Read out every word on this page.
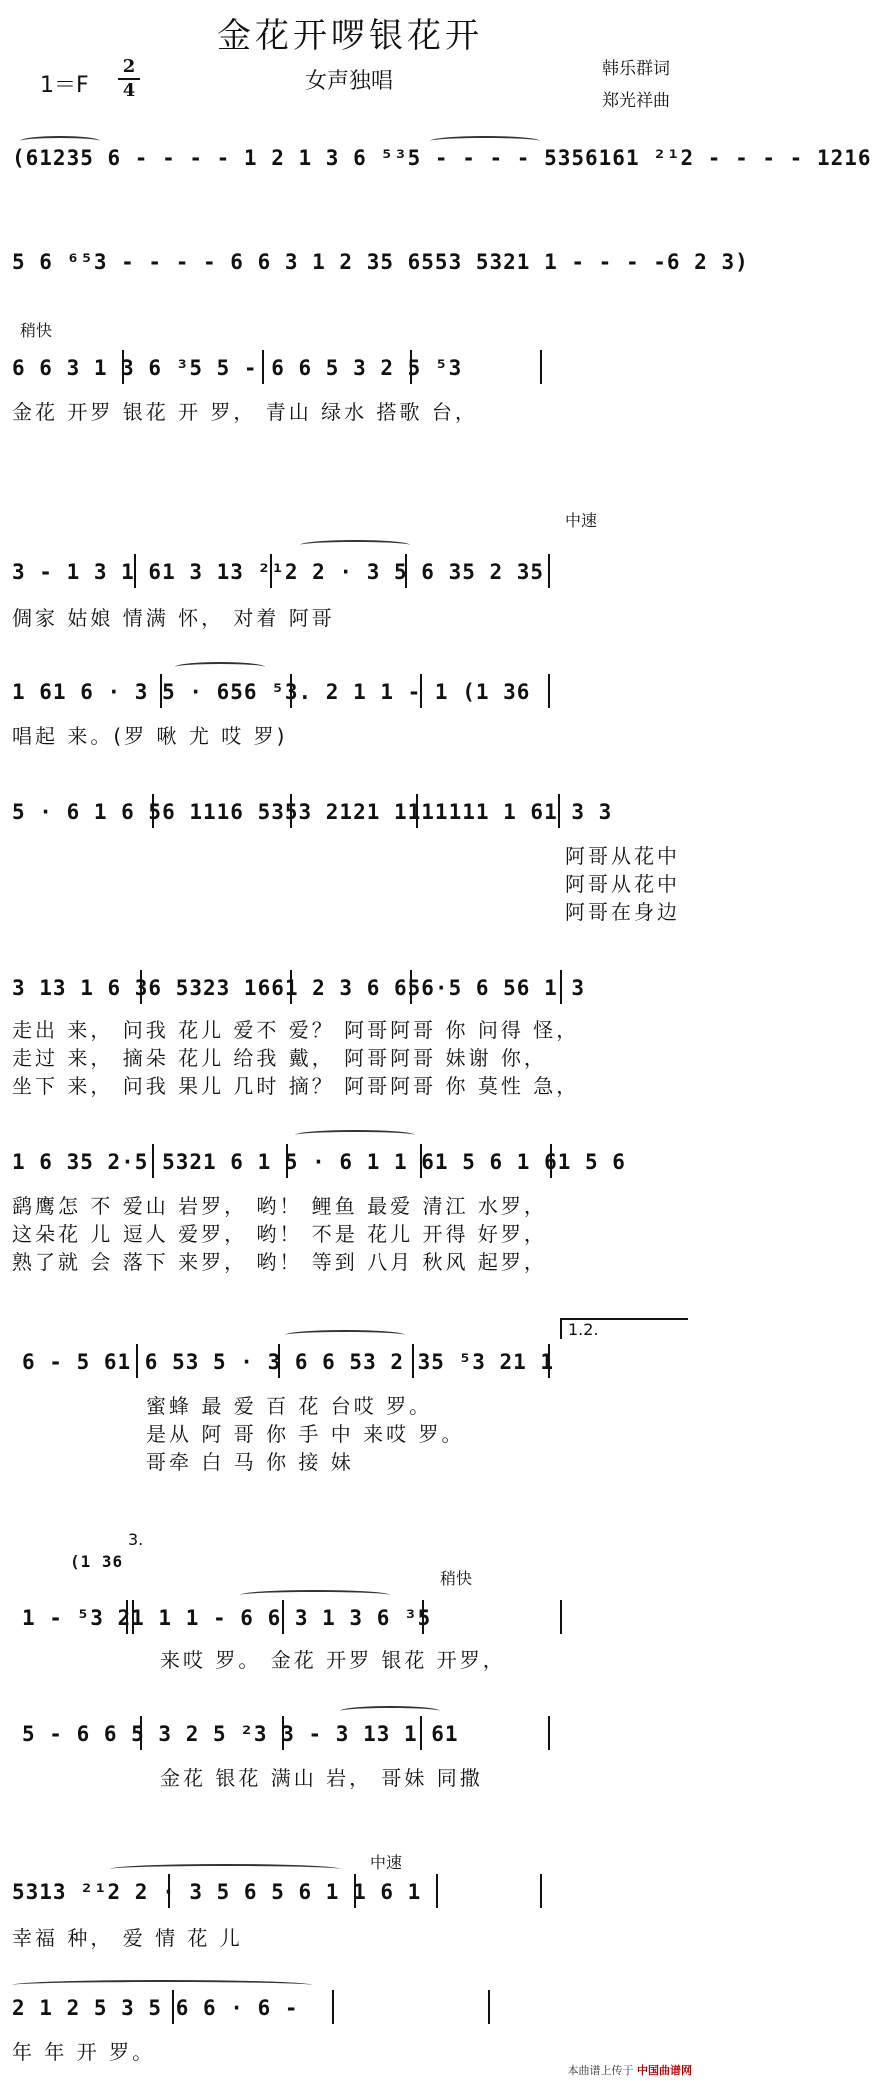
金花开啰银花开
1＝F
2
4	女声独唱	韩乐群词
郑光祥曲
(61235 6 - - - - 1 2 1 3 6 ⁵³5 - - - - 5356161 ²¹2 - - - - 1216
5 6 ⁶⁵3 - - - - 6 6 3 1 2 35 6553 5321 1 - - - -6 2 3)
稍快
6 6 3 1 3 6 ³5 5 - 6 6 5 3 2 5 ⁵3
金花 开罗 银花 开 罗， 青山 绿水 搭歌 台，
中速
3 - 1 3 1 61 3 13 ²¹2 2 · 3 5 6 35 2 35
倜家 姑娘 情满 怀， 对着 阿哥
1 61 6 · 3 5 · 656 ⁵3. 2 1 1 - 1 (1 36
唱起 来。(罗 啾 尤 哎 罗)
5 · 6 1 6 56 1116 5353 2121 1111111 1 61 3 3
阿哥从花中
阿哥从花中
阿哥在身边
3 13 1 6 36 5323 1661 2 3 6 656·5 6 56 1 3
走出 来， 问我 花儿 爱不 爱？ 阿哥阿哥 你 问得 怪，
走过 来， 摘朵 花儿 给我 戴， 阿哥阿哥 妹谢 你，
坐下 来， 问我 果儿 几时 摘？ 阿哥阿哥 你 莫性 急，
1 6 35 2·5 5321 6 1 5 · 6 1 1 61 5 6 1 61 5 6
鹞鹰怎 不 爱山 岩罗， 哟！ 鲤鱼 最爱 清江 水罗，
这朵花 儿 逗人 爱罗， 哟！ 不是 花儿 开得 好罗，
熟了就 会 落下 来罗， 哟！ 等到 八月 秋风 起罗，
1.2.
6 - 5 61 6 53 5 · 3 6 6 53 2 35 ⁵3 21 1
蜜蜂 最 爱 百 花 台哎 罗。
是从 阿 哥 你 手 中 来哎 罗。
哥牵 白 马 你 接 妹
3.
稍快
(1 36
1 - ⁵3 21 1 1 - 6 6 3 1 3 6 ³5
来哎 罗。 金花 开罗 银花 开罗，
5 - 6 6 5 3 2 5 ²3 3 - 3 13 1 61
金花 银花 满山 岩， 哥妹 同撒
中速
5313 ²¹2 2 · 3 5 6 5 6 1 1 6 1
幸福 种， 爱 情 花 儿
2 1 2 5 3 5 6 6 · 6 -
年 年 开 罗。
本曲谱上传于 中国曲谱网
